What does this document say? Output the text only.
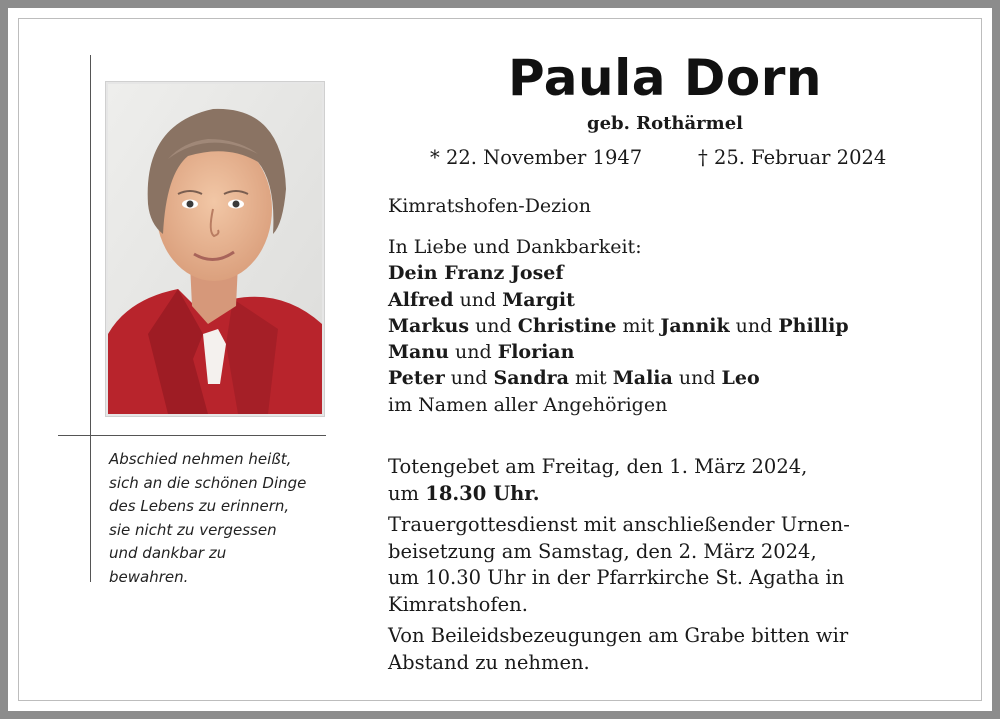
Abschied nehmen heißt,
sich an die schönen Dinge
des Lebens zu erinnern,
sie nicht zu vergessen
und dankbar zu
bewahren.
Paula Dorn
geb. Rothärmel
* 22. November 1947	† 25. Februar 2024
Kimratshofen-Dezion
In Liebe und Dankbarkeit:
Dein Franz Josef
Alfred und Margit
Markus und Christine mit Jannik und Phillip
Manu und Florian
Peter und Sandra mit Malia und Leo
im Namen aller Angehörigen
Totengebet am Freitag, den 1. März 2024,
um 18.30 Uhr.
Trauergottesdienst mit anschließender Urnen-
beisetzung am Samstag, den 2. März 2024,
um 10.30 Uhr in der Pfarrkirche St. Agatha in
Kimratshofen.
Von Beileidsbezeugungen am Grabe bitten wir
Abstand zu nehmen.
